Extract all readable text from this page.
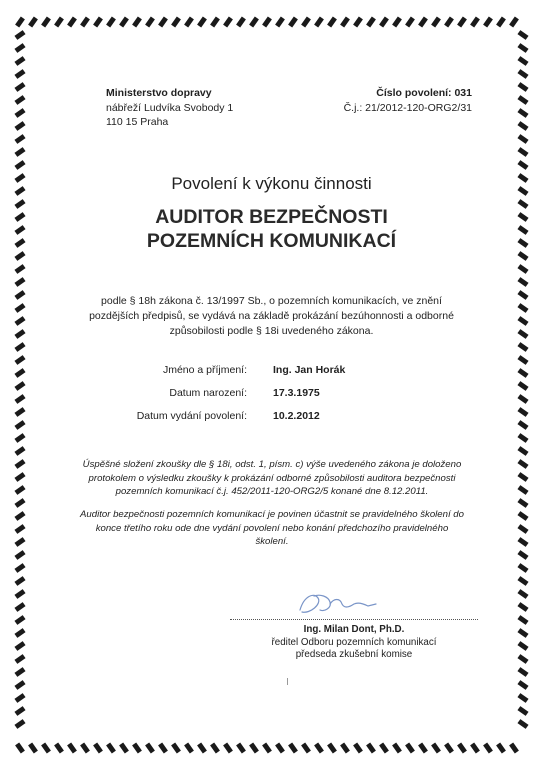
Ministerstvo dopravy
nábřeží Ludvíka Svobody 1
110 15 Praha
Číslo povolení: 031
Č.j.: 21/2012-120-ORG2/31
Povolení k výkonu činnosti
AUDITOR BEZPEČNOSTI
POZEMNÍCH KOMUNIKACÍ
podle § 18h zákona č. 13/1997 Sb., o pozemních komunikacích, ve znění
pozdějších předpisů, se vydává na základě prokázání bezúhonnosti a odborné
způsobilosti podle § 18i uvedeného zákona.
Jméno a příjmení:	Ing. Jan Horák
Datum narození:	17.3.1975
Datum vydání povolení:	10.2.2012
Úspěšné složení zkoušky dle § 18i, odst. 1, písm. c) výše uvedeného zákona je doloženo
protokolem o výsledku zkoušky k prokázání odborné způsobilosti auditora bezpečnosti
pozemních komunikací č.j. 452/2011-120-ORG2/5 konané dne 8.12.2011.
Auditor bezpečnosti pozemních komunikací je povinen účastnit se pravidelného školení do
konce třetího roku ode dne vydání povolení nebo konání předchozího pravidelného
školení.
Ing. Milan Dont, Ph.D.
ředitel Odboru pozemních komunikací
předseda zkušební komise
